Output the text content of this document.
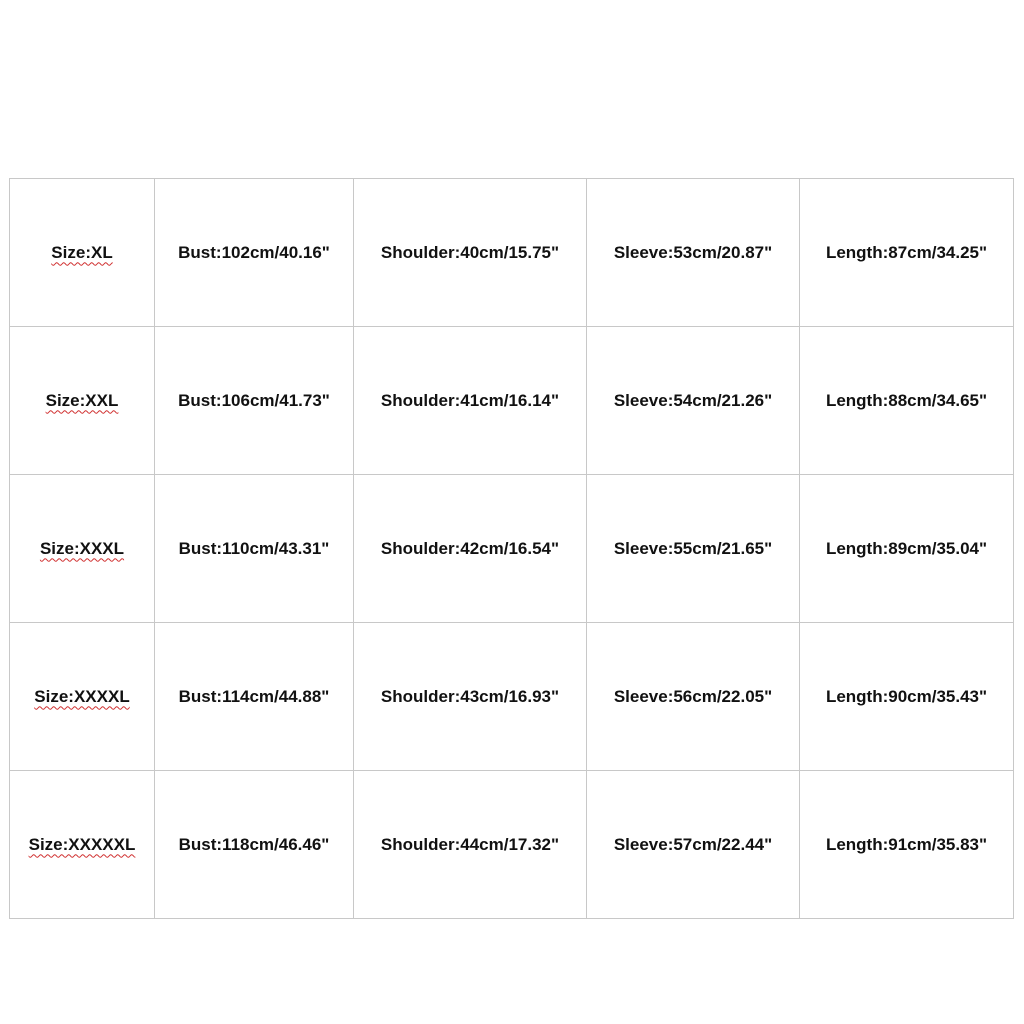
Size:XL	Bust:102cm/40.16"	Shoulder:40cm/15.75"	Sleeve:53cm/20.87"	Length:87cm/34.25"
Size:XXL	Bust:106cm/41.73"	Shoulder:41cm/16.14"	Sleeve:54cm/21.26"	Length:88cm/34.65"
Size:XXXL	Bust:110cm/43.31"	Shoulder:42cm/16.54"	Sleeve:55cm/21.65"	Length:89cm/35.04"
Size:XXXXL	Bust:114cm/44.88"	Shoulder:43cm/16.93"	Sleeve:56cm/22.05"	Length:90cm/35.43"
Size:XXXXXL	Bust:118cm/46.46"	Shoulder:44cm/17.32"	Sleeve:57cm/22.44"	Length:91cm/35.83"
